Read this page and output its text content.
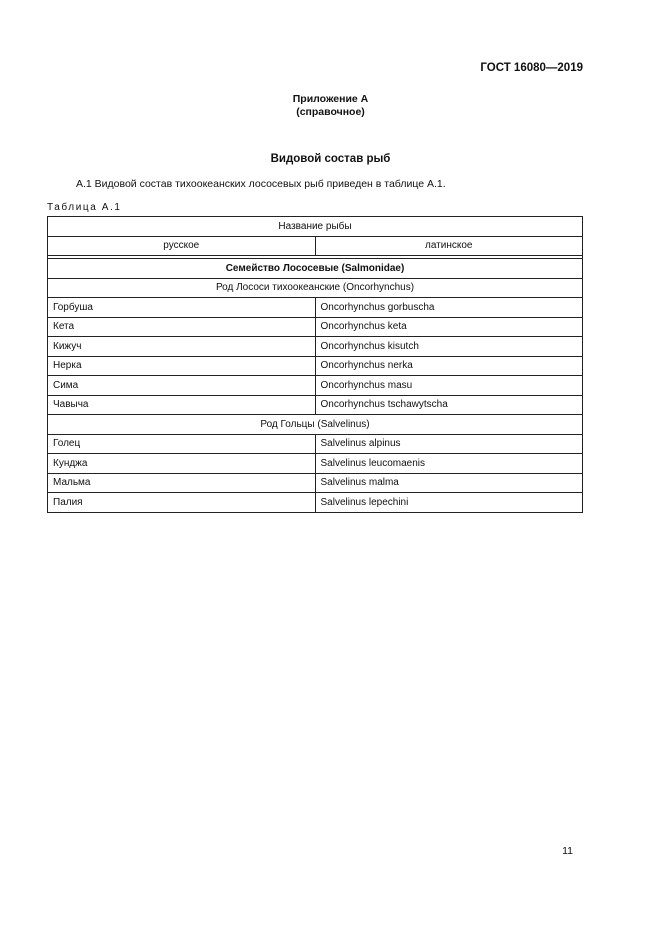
ГОСТ 16080—2019
Приложение А
(справочное)
Видовой состав рыб
А.1 Видовой состав тихоокеанских лососевых рыб приведен в таблице А.1.
Таблица А.1
Название рыбы	
русское	латинское

Семейство Лососевые (Salmonidae)	
Род Лососи тихоокеанские (Oncorhynchus)	
Горбуша	Oncorhynchus gorbuscha
Кета	Oncorhynchus keta
Кижуч	Oncorhynchus kisutch
Нерка	Oncorhynchus nerka
Сима	Oncorhynchus masu
Чавыча	Oncorhynchus tschawytscha
Род Гольцы (Salvelinus)	
Голец	Salvelinus alpinus
Кунджа	Salvelinus leucomaenis
Мальма	Salvelinus malma
Палия	Salvelinus lepechini
11
